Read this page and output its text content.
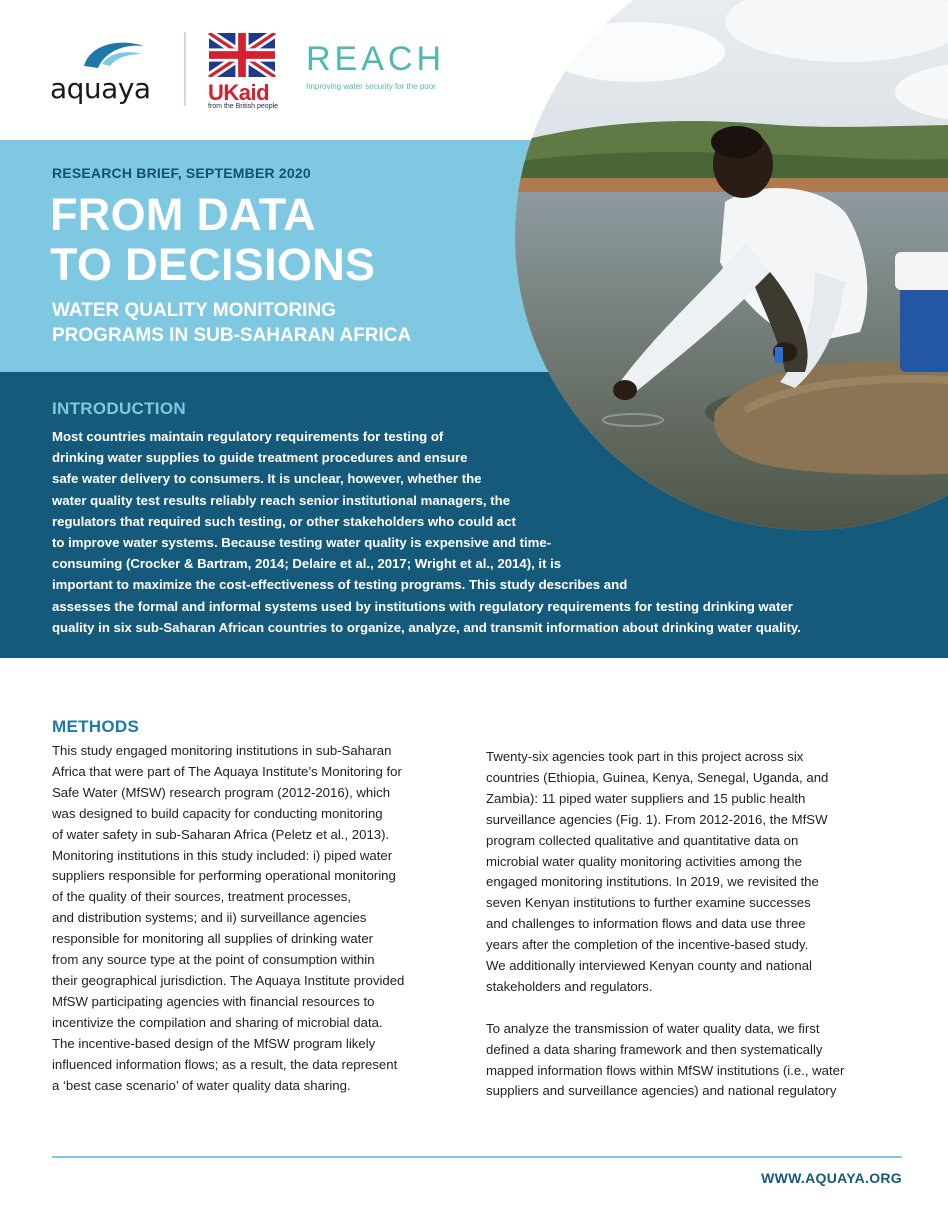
aquaya	UKaid
from the British people
REACH
Improving water security for the poor
RESEARCH BRIEF, SEPTEMBER 2020
FROM DATA
TO DECISIONS
WATER QUALITY MONITORING
PROGRAMS IN SUB-SAHARAN AFRICA
INTRODUCTION

Most countries maintain regulatory requirements for testing of
drinking water supplies to guide treatment procedures and ensure
safe water delivery to consumers. It is unclear, however, whether the
water quality test results reliably reach senior institutional managers, the
regulators that required such testing, or other stakeholders who could act
to improve water systems. Because testing water quality is expensive and time-
consuming (Crocker & Bartram, 2014; Delaire et al., 2017; Wright et al., 2014), it is
important to maximize the cost-effectiveness of testing programs. This study describes and
assesses the formal and informal systems used by institutions with regulatory requirements for testing drinking water
quality in six sub-Saharan African countries to organize, analyze, and transmit information about drinking water quality.

METHODS
This study engaged monitoring institutions in sub-Saharan
Africa that were part of The Aquaya Institute’s Monitoring for
Safe Water (MfSW) research program (2012-2016), which
was designed to build capacity for conducting monitoring
of water safety in sub-Saharan Africa (Peletz et al., 2013).
Monitoring institutions in this study included: i) piped water
suppliers responsible for performing operational monitoring
of the quality of their sources, treatment processes,
and distribution systems; and ii) surveillance agencies
responsible for monitoring all supplies of drinking water
from any source type at the point of consumption within
their geographical jurisdiction. The Aquaya Institute provided
MfSW participating agencies with financial resources to
incentivize the compilation and sharing of microbial data.
The incentive-based design of the MfSW program likely
influenced information flows; as a result, the data represent
a ‘best case scenario’ of water quality data sharing.
Twenty-six agencies took part in this project across six
countries (Ethiopia, Guinea, Kenya, Senegal, Uganda, and
Zambia): 11 piped water suppliers and 15 public health
surveillance agencies (Fig. 1). From 2012-2016, the MfSW
program collected qualitative and quantitative data on
microbial water quality monitoring activities among the
engaged monitoring institutions. In 2019, we revisited the
seven Kenyan institutions to further examine successes
and challenges to information flows and data use three
years after the completion of the incentive-based study.
We additionally interviewed Kenyan county and national
stakeholders and regulators.
To analyze the transmission of water quality data, we first
defined a data sharing framework and then systematically
mapped information flows within MfSW institutions (i.e., water
suppliers and surveillance agencies) and national regulatory
WWW.AQUAYA.ORG
